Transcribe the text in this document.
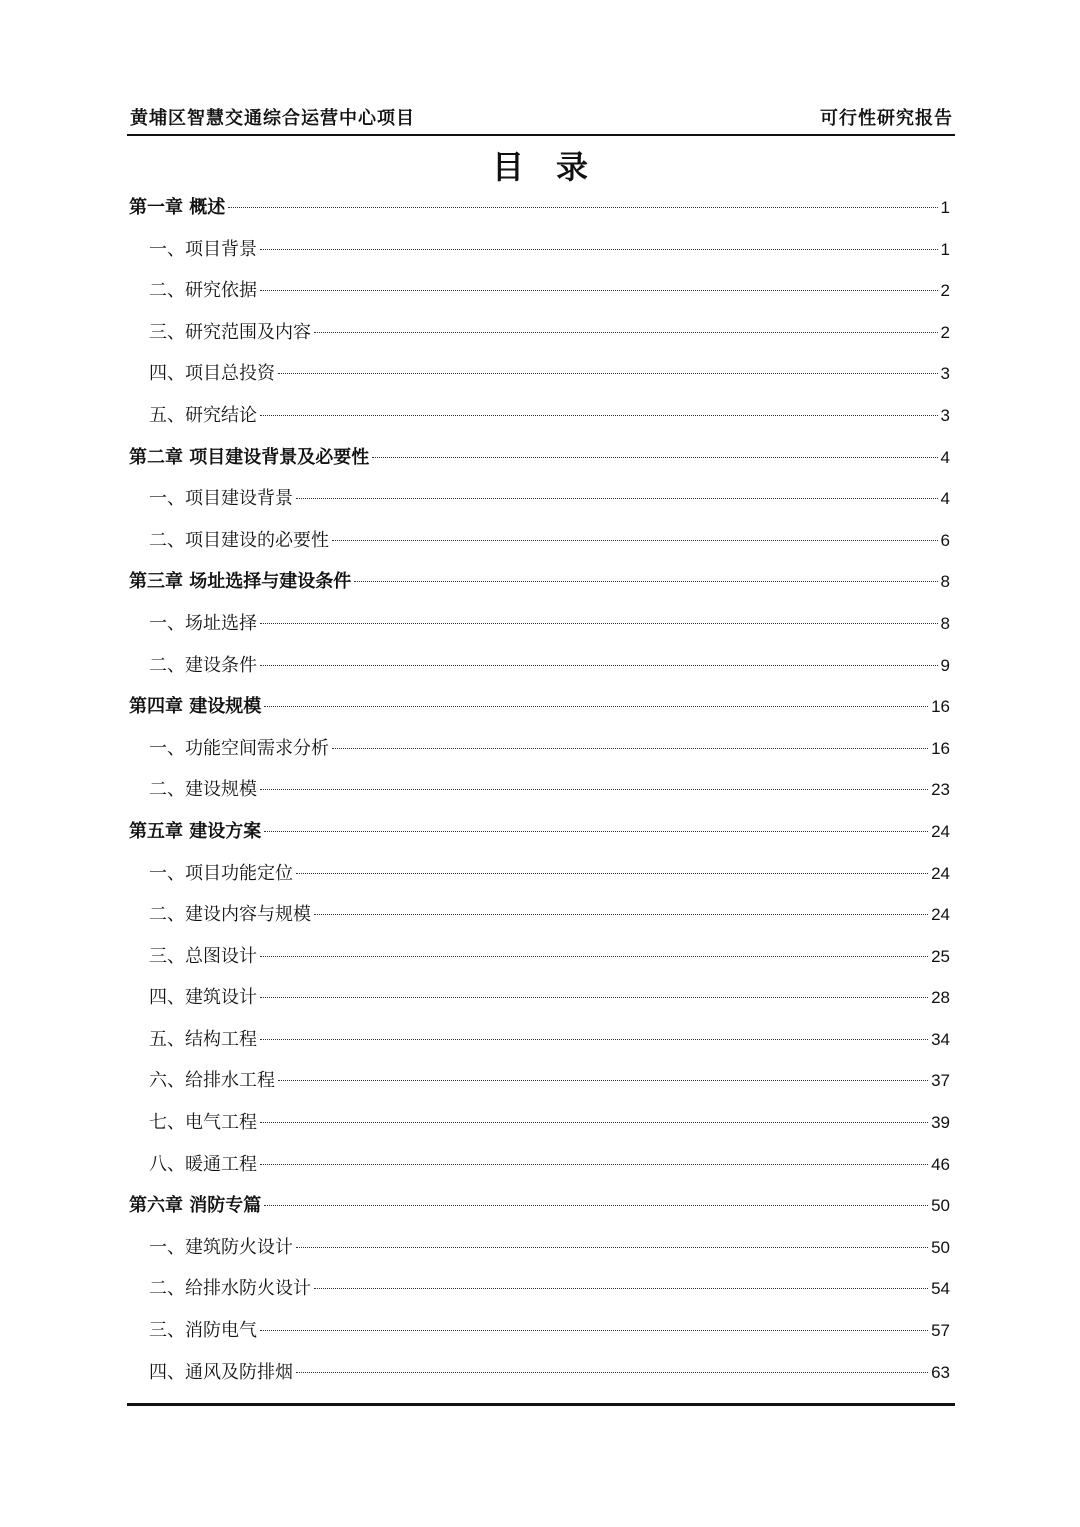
黄埔区智慧交通综合运营中心项目	可行性研究报告
目　录
第一章 概述	1
一、项目背景	1
二、研究依据	2
三、研究范围及内容	2
四、项目总投资	3
五、研究结论	3
第二章 项目建设背景及必要性	4
一、项目建设背景	4
二、项目建设的必要性	6
第三章 场址选择与建设条件	8
一、场址选择	8
二、建设条件	9
第四章 建设规模	16
一、功能空间需求分析	16
二、建设规模	23
第五章 建设方案	24
一、项目功能定位	24
二、建设内容与规模	24
三、总图设计	25
四、建筑设计	28
五、结构工程	34
六、给排水工程	37
七、电气工程	39
八、暖通工程	46
第六章 消防专篇	50
一、建筑防火设计	50
二、给排水防火设计	54
三、消防电气	57
四、通风及防排烟	63
